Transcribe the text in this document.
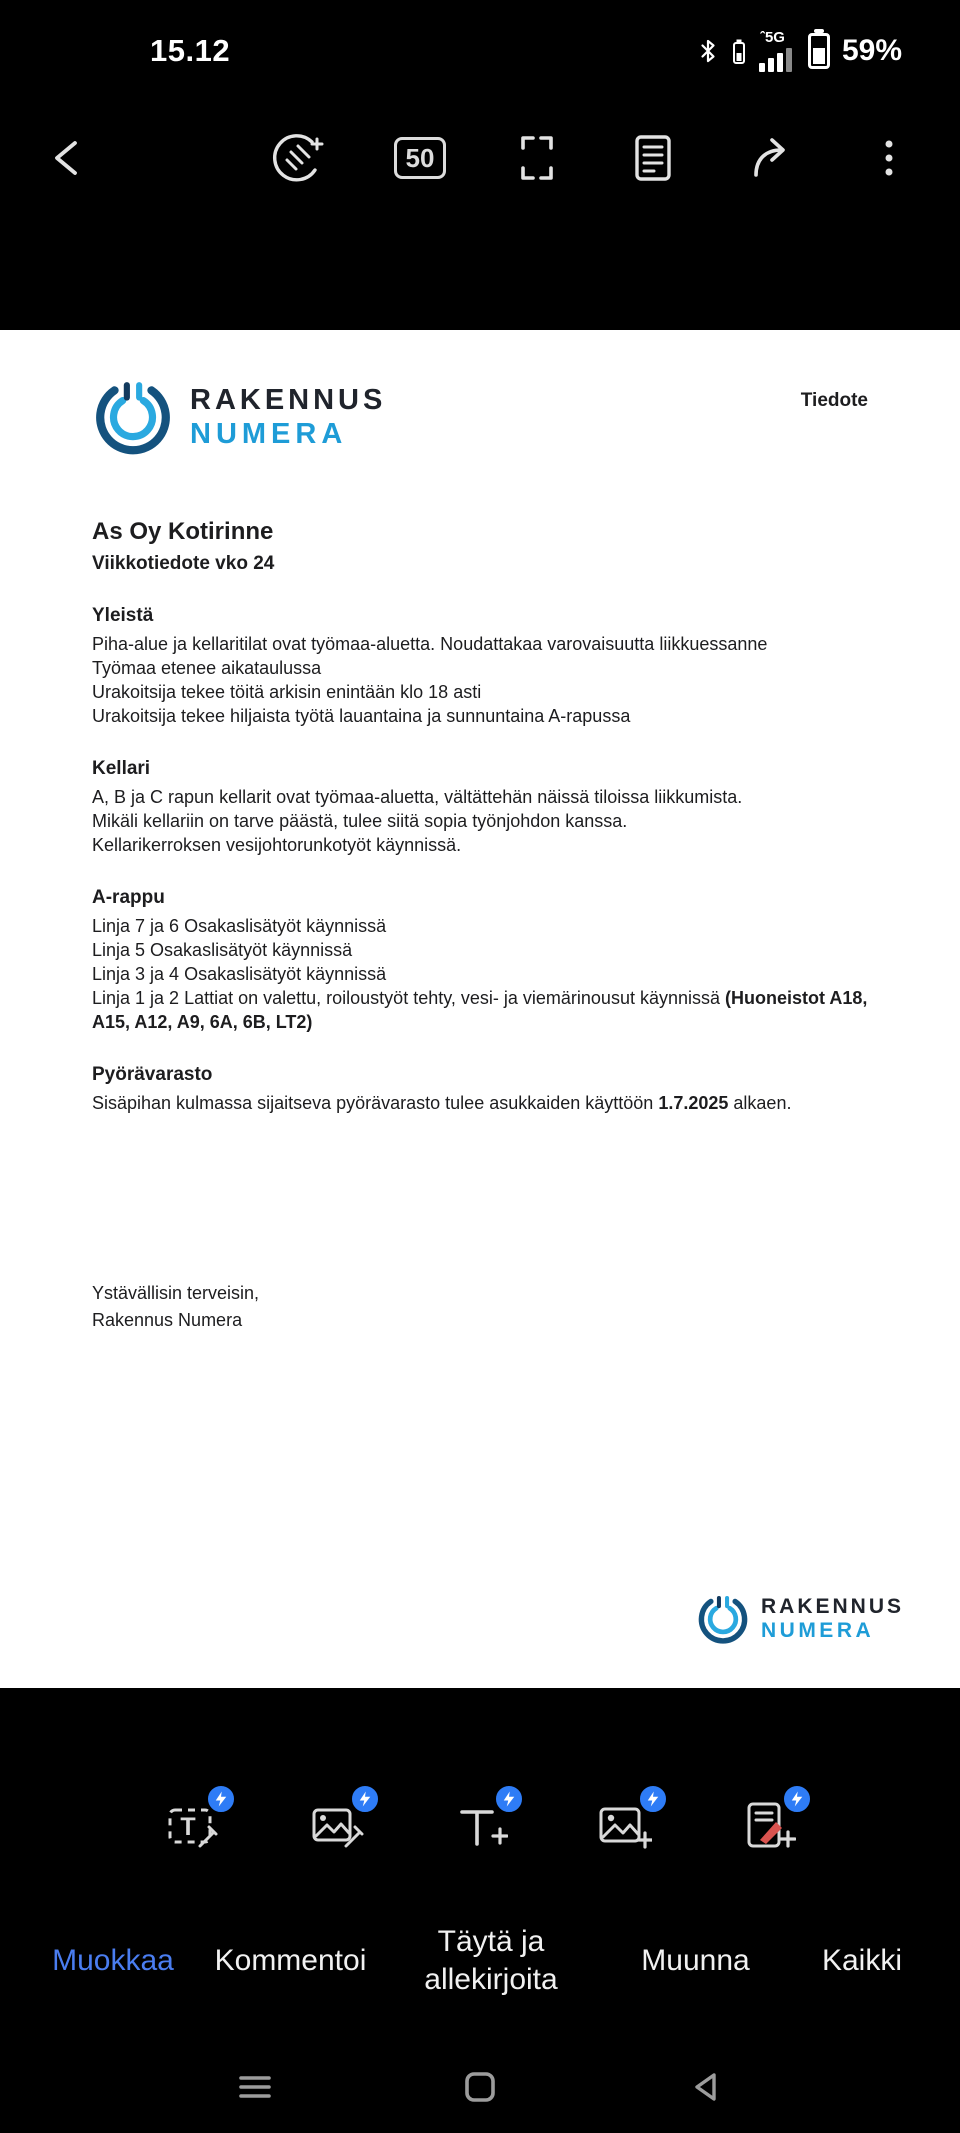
15.12	ˆ5G 59%
50
RAKENNUS
NUMERA
Tiedote
As Oy Kotirinne
Viikkotiedote vko 24
Yleistä
Piha-alue ja kellaritilat ovat työmaa-aluetta. Noudattakaa varovaisuutta liikkuessanne
Työmaa etenee aikataulussa
Urakoitsija tekee töitä arkisin enintään klo 18 asti
Urakoitsija tekee hiljaista työtä lauantaina ja sunnuntaina A-rapussa
Kellari
A, B ja C rapun kellarit ovat työmaa-aluetta, vältättehän näissä tiloissa liikkumista.
Mikäli kellariin on tarve päästä, tulee siitä sopia työnjohdon kanssa.
Kellarikerroksen vesijohtorunkotyöt käynnissä.
A-rappu
Linja 7 ja 6 Osakaslisätyöt käynnissä
Linja 5 Osakaslisätyöt käynnissä
Linja 3 ja 4 Osakaslisätyöt käynnissä
Linja 1 ja 2 Lattiat on valettu, roiloustyöt tehty, vesi- ja viemärinousut käynnissä (Huoneistot A18, A15, A12, A9, 6A, 6B, LT2)
Pyörävarasto
Sisäpihan kulmassa sijaitseva pyörävarasto tulee asukkaiden käyttöön 1.7.2025 alkaen.
Ystävällisin terveisin,
Rakennus Numera
RAKENNUS
NUMERA
T
Muokkaa	Kommentoi
Täytä ja allekirjoita
Muunna	Kaikki
